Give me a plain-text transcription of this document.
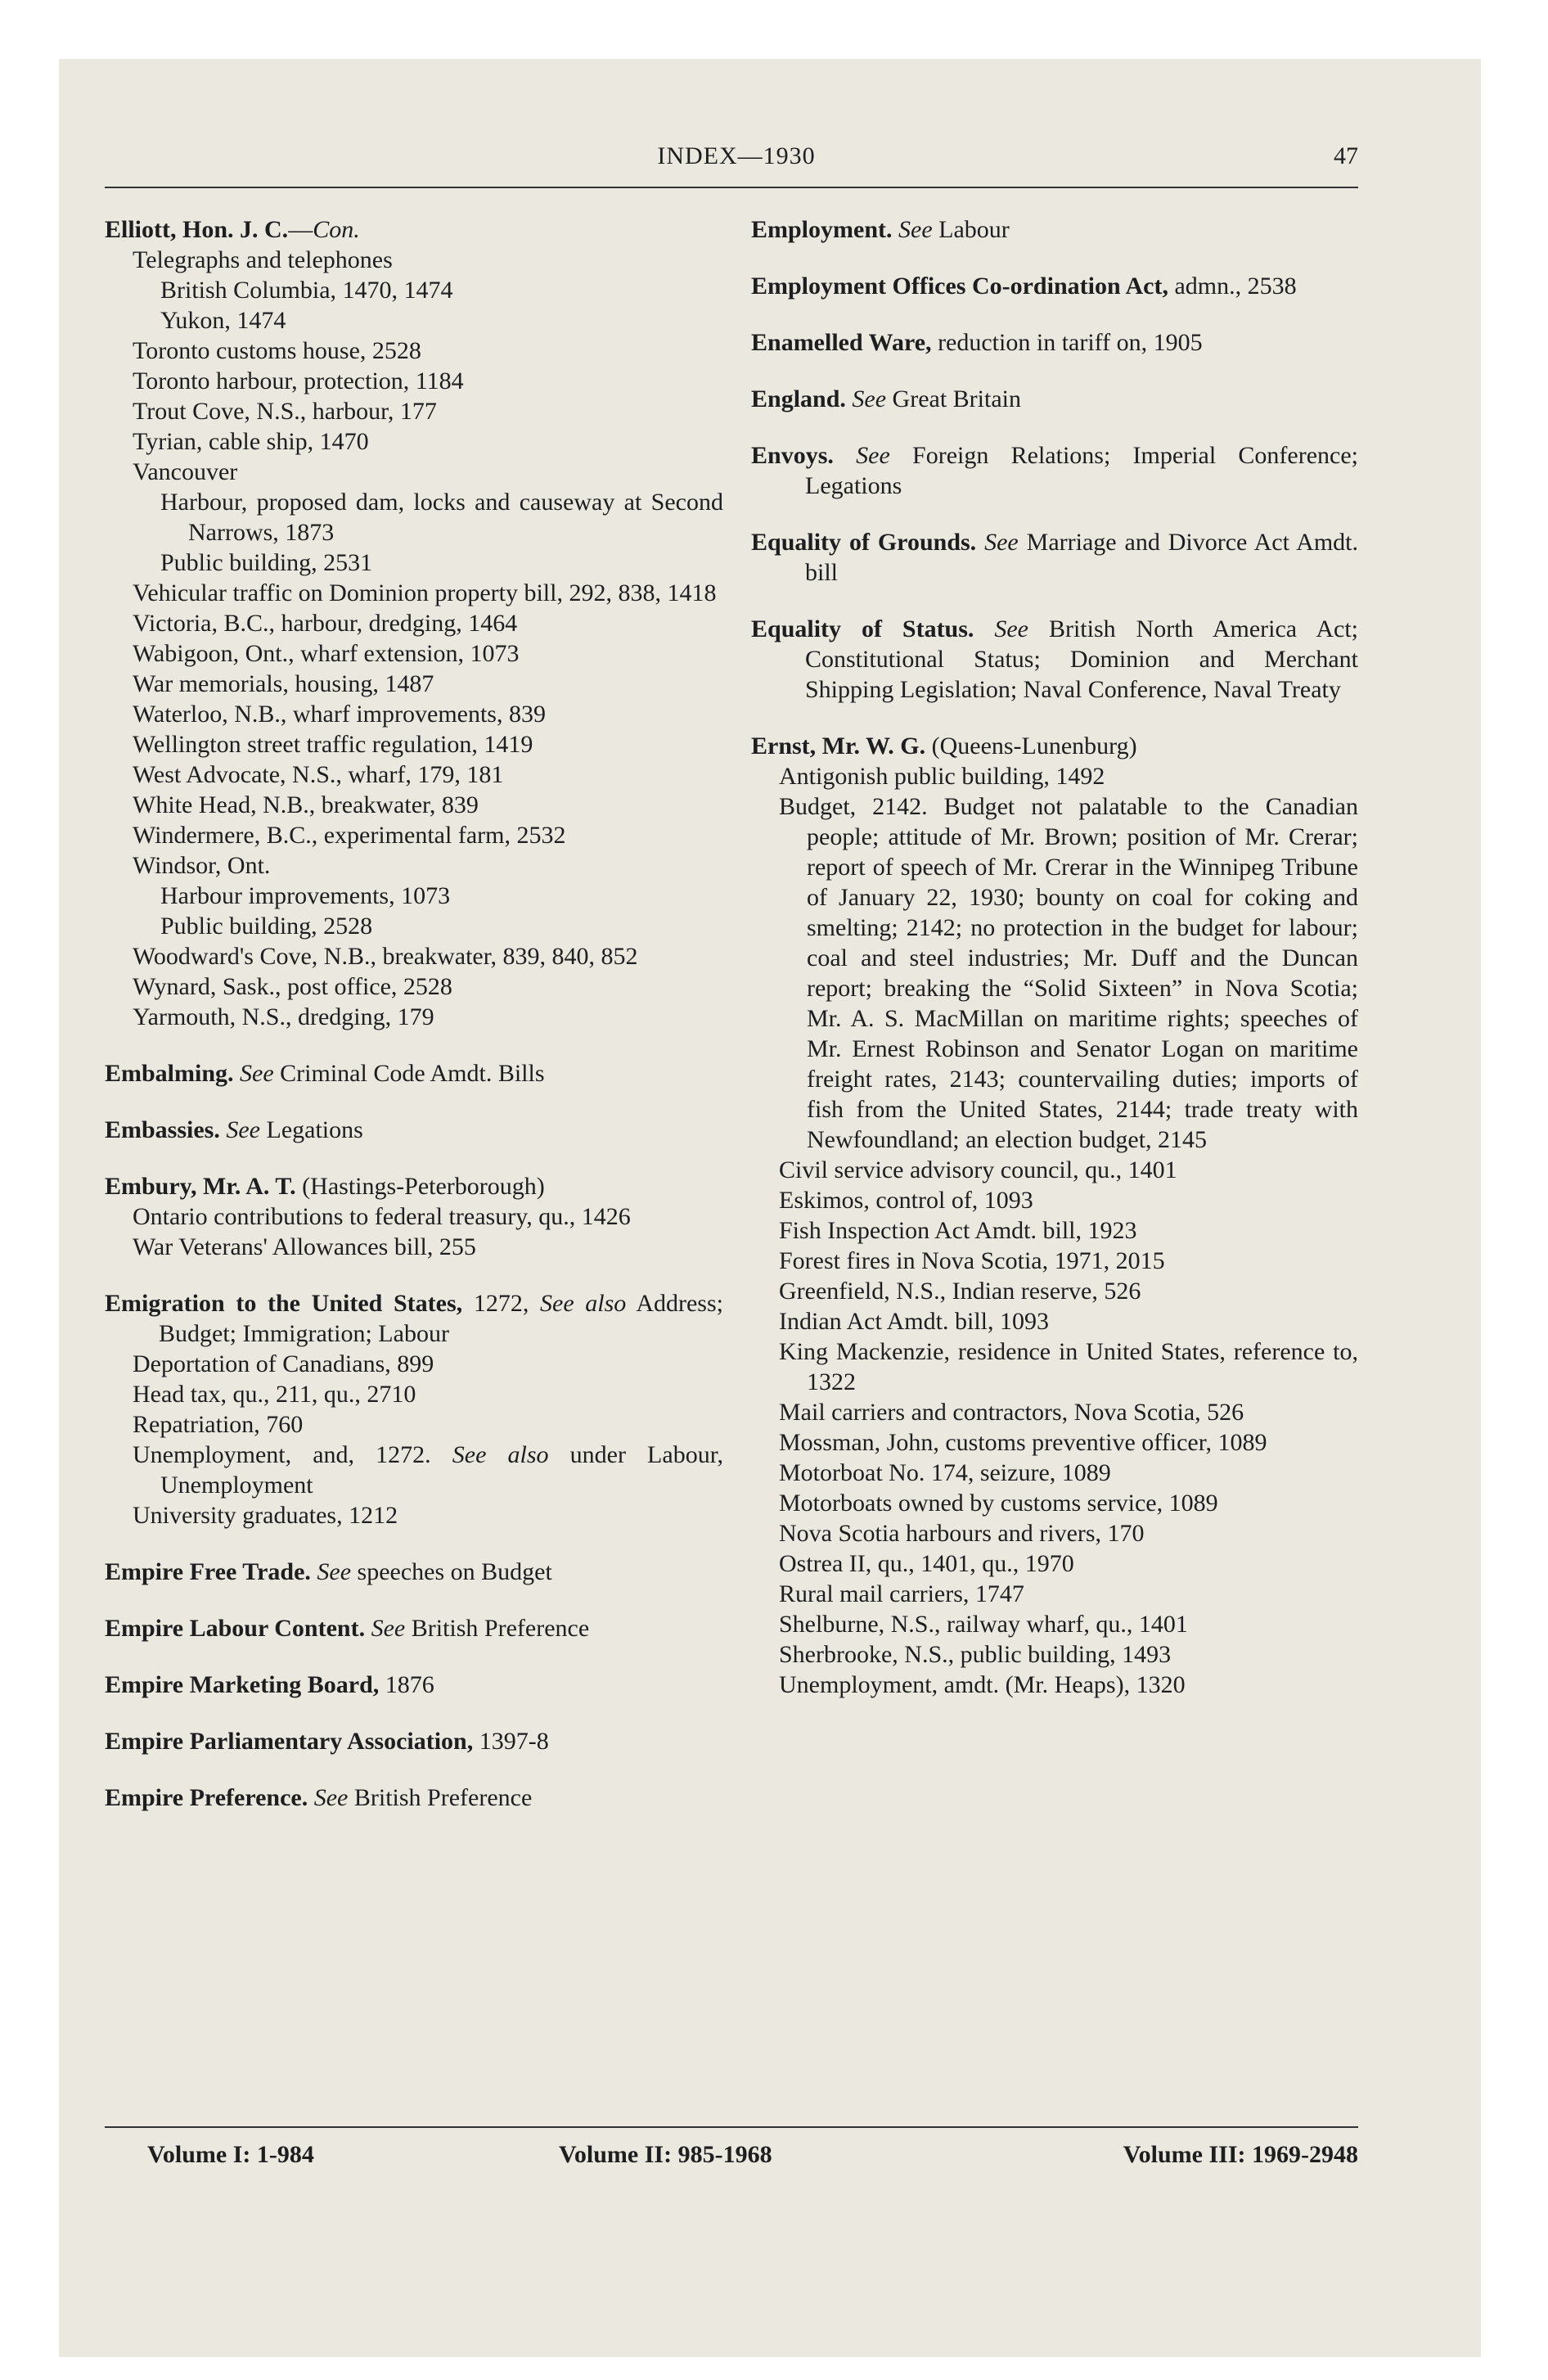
INDEX—1930	47
Elliott, Hon. J. C.—Con.
Telegraphs and telephones
British Columbia, 1470, 1474
Yukon, 1474
Toronto customs house, 2528
Toronto harbour, protection, 1184
Trout Cove, N.S., harbour, 177
Tyrian, cable ship, 1470
Vancouver
Harbour, proposed dam, locks and causeway at Second Narrows, 1873
Public building, 2531
Vehicular traffic on Dominion property bill, 292, 838, 1418
Victoria, B.C., harbour, dredging, 1464
Wabigoon, Ont., wharf extension, 1073
War memorials, housing, 1487
Waterloo, N.B., wharf improvements, 839
Wellington street traffic regulation, 1419
West Advocate, N.S., wharf, 179, 181
White Head, N.B., breakwater, 839
Windermere, B.C., experimental farm, 2532
Windsor, Ont.
Harbour improvements, 1073
Public building, 2528
Woodward's Cove, N.B., breakwater, 839, 840, 852
Wynard, Sask., post office, 2528
Yarmouth, N.S., dredging, 179
Embalming. See Criminal Code Amdt. Bills
Embassies. See Legations
Embury, Mr. A. T. (Hastings-Peterborough)
Ontario contributions to federal treasury, qu., 1426
War Veterans' Allowances bill, 255
Emigration to the United States, 1272, See also Address; Budget; Immigration; Labour
Deportation of Canadians, 899
Head tax, qu., 211, qu., 2710
Repatriation, 760
Unemployment, and, 1272. See also under Labour, Unemployment
University graduates, 1212
Empire Free Trade. See speeches on Budget
Empire Labour Content. See British Preference
Empire Marketing Board, 1876
Empire Parliamentary Association, 1397-8
Empire Preference. See British Preference
Employment. See Labour
Employment Offices Co-ordination Act, admn., 2538
Enamelled Ware, reduction in tariff on, 1905
England. See Great Britain
Envoys. See Foreign Relations; Imperial Conference; Legations
Equality of Grounds. See Marriage and Divorce Act Amdt. bill
Equality of Status. See British North America Act; Constitutional Status; Dominion and Merchant Shipping Legislation; Naval Conference, Naval Treaty
Ernst, Mr. W. G. (Queens-Lunenburg)
Antigonish public building, 1492
Budget, 2142. Budget not palatable to the Canadian people; attitude of Mr. Brown; position of Mr. Crerar; report of speech of Mr. Crerar in the Winnipeg Tribune of January 22, 1930; bounty on coal for coking and smelting; 2142; no protection in the budget for labour; coal and steel industries; Mr. Duff and the Duncan report; breaking the “Solid Sixteen” in Nova Scotia; Mr. A. S. MacMillan on maritime rights; speeches of Mr. Ernest Robinson and Senator Logan on maritime freight rates, 2143; countervailing duties; imports of fish from the United States, 2144; trade treaty with Newfoundland; an election budget, 2145
Civil service advisory council, qu., 1401
Eskimos, control of, 1093
Fish Inspection Act Amdt. bill, 1923
Forest fires in Nova Scotia, 1971, 2015
Greenfield, N.S., Indian reserve, 526
Indian Act Amdt. bill, 1093
King Mackenzie, residence in United States, reference to, 1322
Mail carriers and contractors, Nova Scotia, 526
Mossman, John, customs preventive officer, 1089
Motorboat No. 174, seizure, 1089
Motorboats owned by customs service, 1089
Nova Scotia harbours and rivers, 170
Ostrea II, qu., 1401, qu., 1970
Rural mail carriers, 1747
Shelburne, N.S., railway wharf, qu., 1401
Sherbrooke, N.S., public building, 1493
Unemployment, amdt. (Mr. Heaps), 1320
Volume I: 1-984	Volume II: 985-1968	Volume III: 1969-2948
